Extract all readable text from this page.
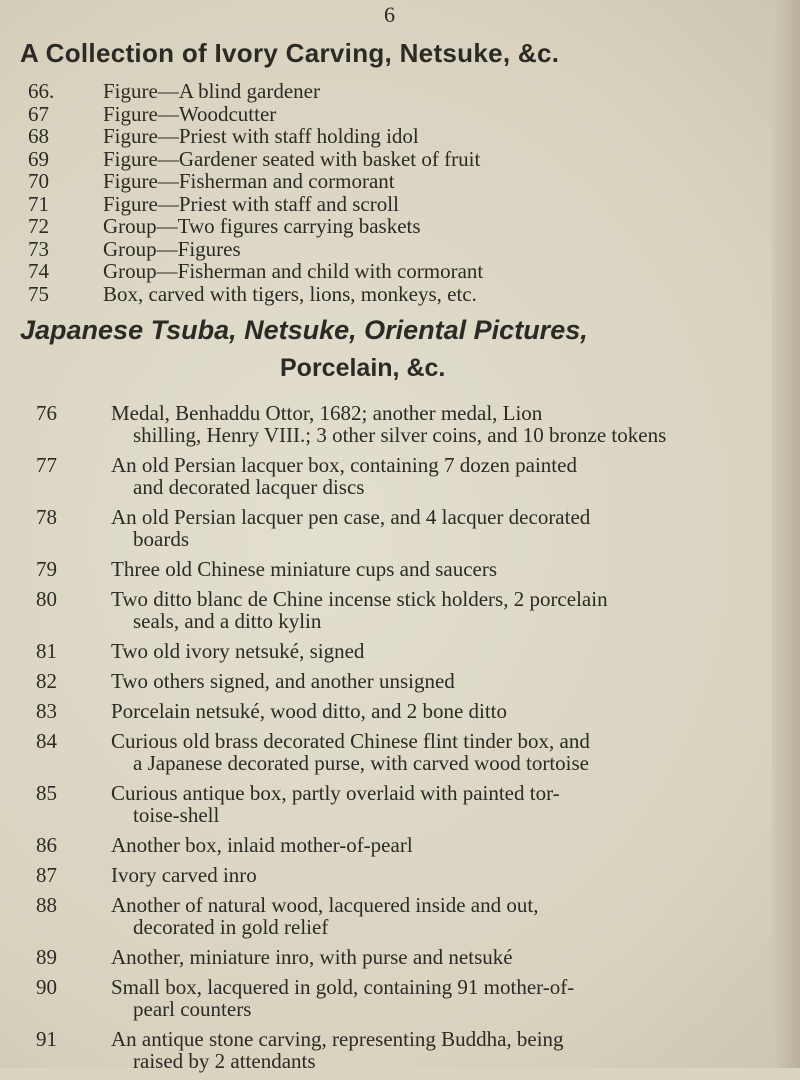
6
A Collection of Ivory Carving, Netsuke, &c.
66.	Figure—A blind gardener
67	Figure—Woodcutter
68	Figure—Priest with staff holding idol
69	Figure—Gardener seated with basket of fruit
70	Figure—Fisherman and cormorant
71	Figure—Priest with staff and scroll
72	Group—Two figures carrying baskets
73	Group—Figures
74	Group—Fisherman and child with cormorant
75	Box, carved with tigers, lions, monkeys, etc.
Japanese Tsuba, Netsuke, Oriental Pictures,
Porcelain, &c.
76	Medal, Benhaddu Ottor, 1682; another medal, Lion
shilling, Henry VIII.; 3 other silver coins, and 10 bronze tokens
77	An old Persian lacquer box, containing 7 dozen painted
and decorated lacquer discs
78	An old Persian lacquer pen case, and 4 lacquer decorated
boards
79	Three old Chinese miniature cups and saucers
80	Two ditto blanc de Chine incense stick holders, 2 porcelain
seals, and a ditto kylin
81	Two old ivory netsuké, signed
82	Two others signed, and another unsigned
83	Porcelain netsuké, wood ditto, and 2 bone ditto
84	Curious old brass decorated Chinese flint tinder box, and
a Japanese decorated purse, with carved wood tortoise
85	Curious antique box, partly overlaid with painted tor-
toise-shell
86	Another box, inlaid mother-of-pearl
87	Ivory carved inro
88	Another of natural wood, lacquered inside and out,
decorated in gold relief
89	Another, miniature inro, with purse and netsuké
90	Small box, lacquered in gold, containing 91 mother-of-
pearl counters
91	An antique stone carving, representing Buddha, being
raised by 2 attendants
